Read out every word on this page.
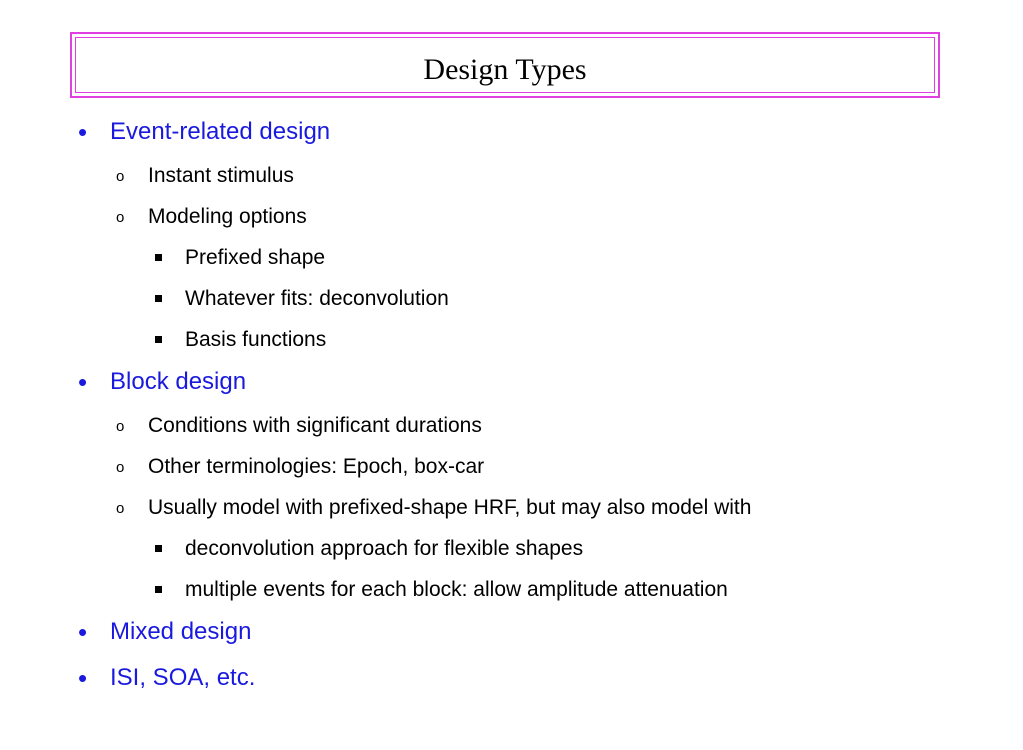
Design Types
• Event-related design
o Instant stimulus
o Modeling options
Prefixed shape
Whatever fits: deconvolution
Basis functions
• Block design
o Conditions with significant durations
o Other terminologies: Epoch, box-car
o Usually model with prefixed-shape HRF, but may also model with
deconvolution approach for flexible shapes
multiple events for each block: allow amplitude attenuation
• Mixed design
• ISI, SOA, etc.
